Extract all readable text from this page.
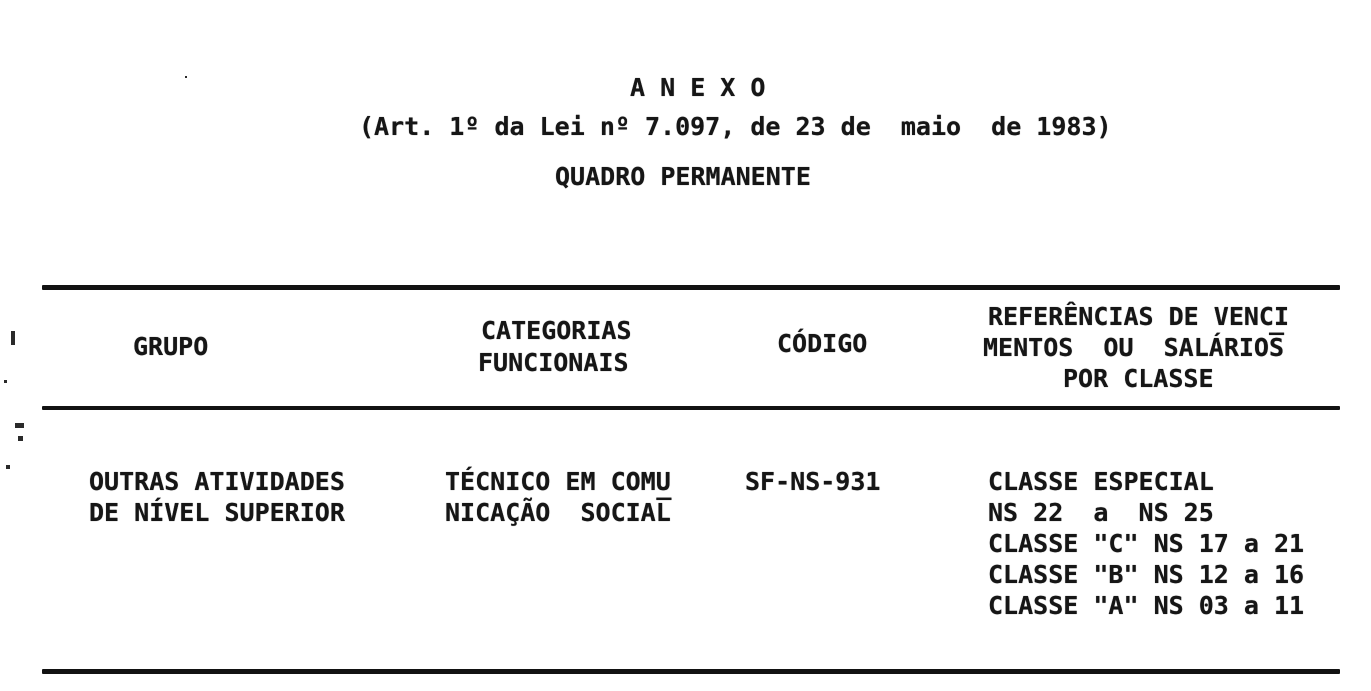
A N E X O
(Art. 1º da Lei nº 7.097, de 23 de  maio  de 1983)
QUADRO PERMANENTE
GRUPO
CATEGORIAS
FUNCIONAIS
CÓDIGO
REFERÊNCIAS DE VENCI
MENTOS  OU  SALÁRIOS̅
POR CLASSE
OUTRAS ATIVIDADES
DE NÍVEL SUPERIOR
TÉCNICO EM COMU
NICAÇÃO  SOCIAL̅
SF-NS-931	CLASSE ESPECIAL
NS 22  a  NS 25
CLASSE "C" NS 17 a 21
CLASSE "B" NS 12 a 16
CLASSE "A" NS 03 a 11
